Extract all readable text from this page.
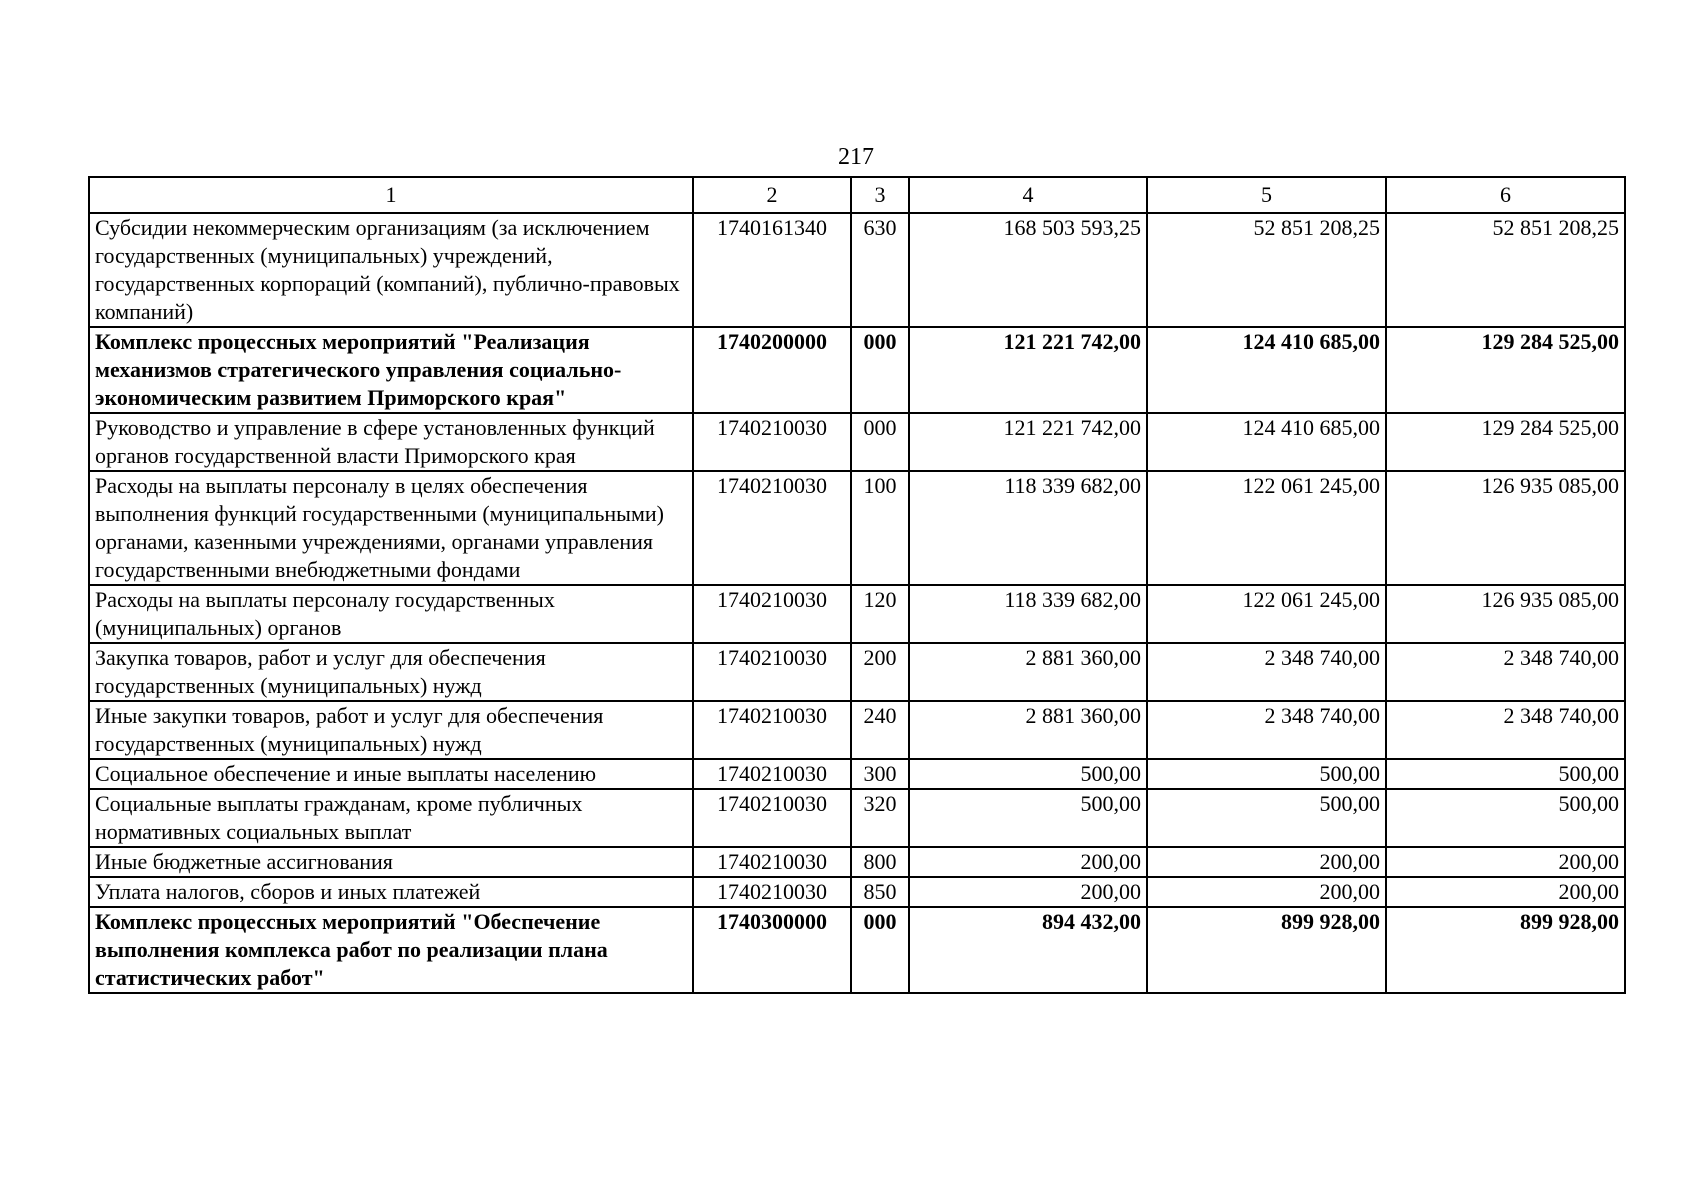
217
1	2	3	4	5	6
Субсидии некоммерческим организациям (за исключением государственных (муниципальных) учреждений, государственных корпораций (компаний), публично-правовых компаний)	1740161340	630	168 503 593,25	52 851 208,25	52 851 208,25
Комплекс процессных мероприятий "Реализация механизмов стратегического управления социально-экономическим развитием Приморского края"	1740200000	000	121 221 742,00	124 410 685,00	129 284 525,00
Руководство и управление в сфере установленных функций органов государственной власти Приморского края	1740210030	000	121 221 742,00	124 410 685,00	129 284 525,00
Расходы на выплаты персоналу в целях обеспечения выполнения функций государственными (муниципальными) органами, казенными учреждениями, органами управления государственными внебюджетными фондами	1740210030	100	118 339 682,00	122 061 245,00	126 935 085,00
Расходы на выплаты персоналу государственных (муниципальных) органов	1740210030	120	118 339 682,00	122 061 245,00	126 935 085,00
Закупка товаров, работ и услуг для обеспечения государственных (муниципальных) нужд	1740210030	200	2 881 360,00	2 348 740,00	2 348 740,00
Иные закупки товаров, работ и услуг для обеспечения государственных (муниципальных) нужд	1740210030	240	2 881 360,00	2 348 740,00	2 348 740,00
Социальное обеспечение и иные выплаты населению	1740210030	300	500,00	500,00	500,00
Социальные выплаты гражданам, кроме публичных нормативных социальных выплат	1740210030	320	500,00	500,00	500,00
Иные бюджетные ассигнования	1740210030	800	200,00	200,00	200,00
Уплата налогов, сборов и иных платежей	1740210030	850	200,00	200,00	200,00
Комплекс процессных мероприятий "Обеспечение выполнения комплекса работ по реализации плана статистических работ"	1740300000	000	894 432,00	899 928,00	899 928,00
